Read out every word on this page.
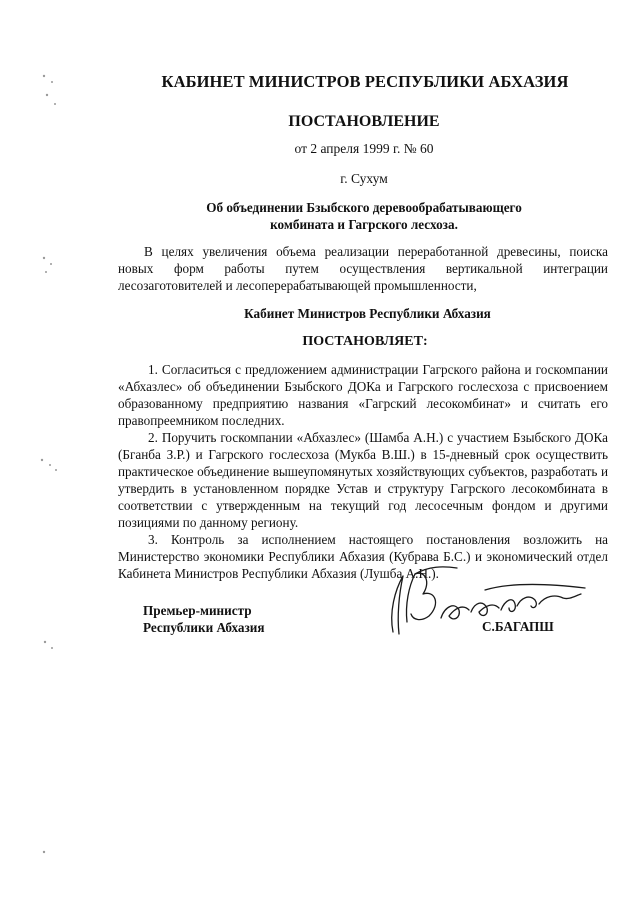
КАБИНЕТ МИНИСТРОВ РЕСПУБЛИКИ АБХАЗИЯ
ПОСТАНОВЛЕНИЕ
от 2 апреля 1999 г. № 60
г. Сухум
Об объединении Бзыбского деревообрабатывающего
комбината и Гагрского лесхоза.
В целях увеличения объема реализации переработанной древесины, поиска новых форм работы путем осуществления вертикальной интеграции лесозаготовителей и лесоперерабатывающей промышленности,
Кабинет Министров Республики Абхазия
ПОСТАНОВЛЯЕТ:

1. Согласиться с предложением администрации Гагрского района и госкомпании «Абхазлес» об объединении Бзыбского ДОКа и Гагрского гослесхоза с присвоением образованному предприятию названия «Гагрский лесокомбинат» и считать его правопреемником последних.

2. Поручить госкомпании «Абхазлес» (Шамба А.Н.) с участием Бзыбского ДОКа (Бганба З.Р.) и Гагрского гослесхоза (Мукба В.Ш.) в 15-дневный срок осуществить практическое объединение вышеупомянутых хозяйствующих субъектов, разработать и утвердить в установленном порядке Устав и структуру Гагрского лесокомбината в соответствии с утвержденным на текущий год лесосечным фондом и другими позициями по данному региону.

3. Контроль за исполнением настоящего постановления возложить на Министерство экономики Республики Абхазия (Кубрава Б.С.) и экономический отдел Кабинета Министров Республики Абхазия (Лушба А.Н.).

Премьер-министр
Республики Абхазия	С.БАГАПШ
